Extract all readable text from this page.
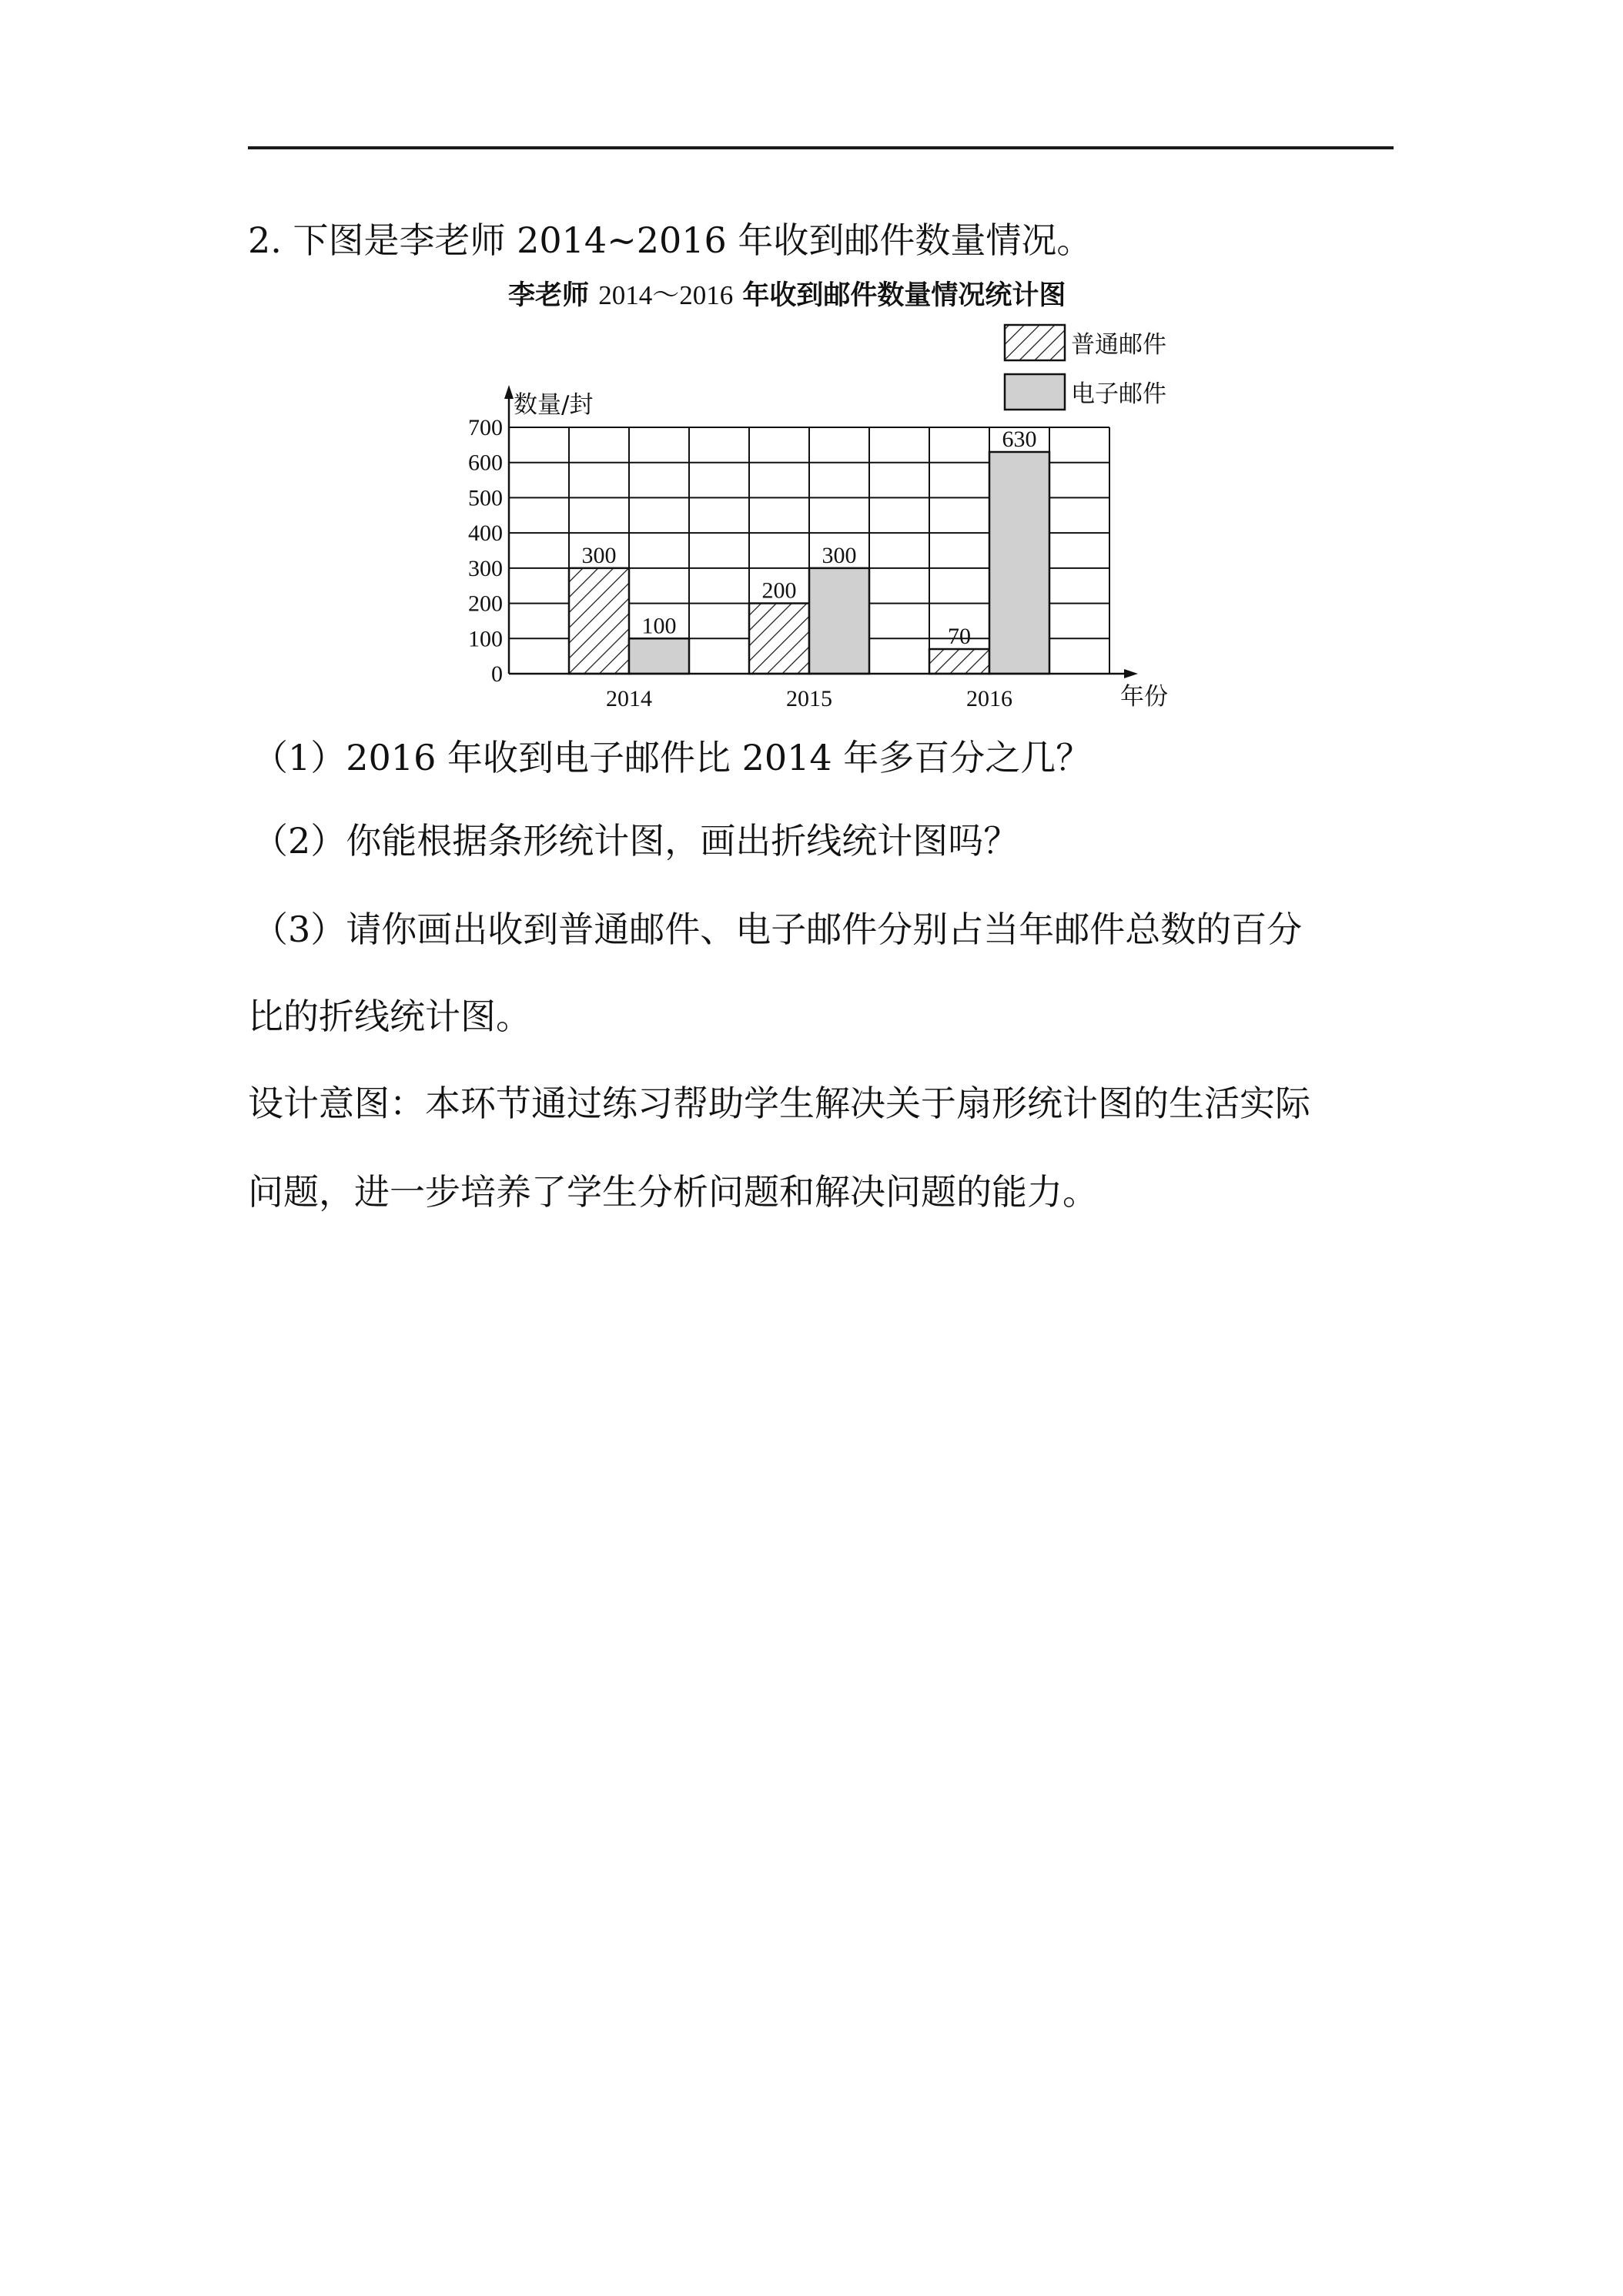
2. 下图是李老师 2014~2016 年收到邮件数量情况。
李老师 2014～2016 年收到邮件数量情况统计图
普通邮件
电子邮件
0
100
200
300
400
500
600
700
300
100
200
300
70
630
2014	2015	2016
数量/封
年份
（1）2016 年收到电子邮件比 2014 年多百分之几？
（2）你能根据条形统计图，画出折线统计图吗？
（3）请你画出收到普通邮件、电子邮件分别占当年邮件总数的百分
比的折线统计图。
设计意图：本环节通过练习帮助学生解决关于扇形统计图的生活实际
问题，进一步培养了学生分析问题和解决问题的能力。
